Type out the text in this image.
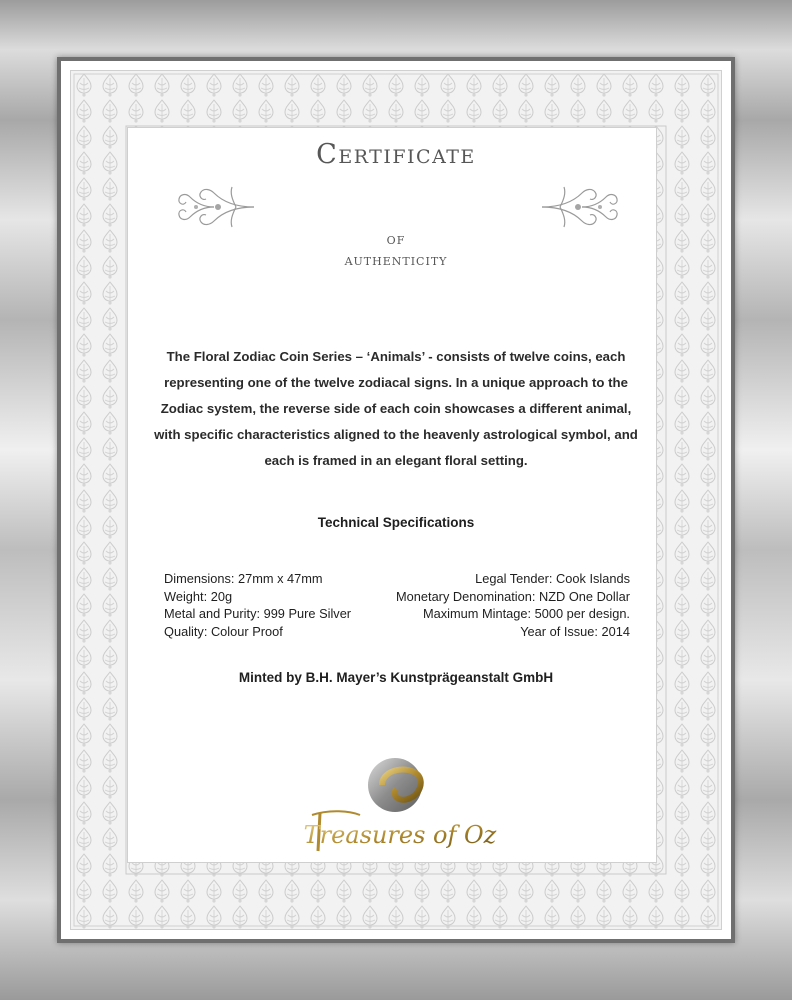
Certificate
of
authenticity
The Floral Zodiac Coin Series – ‘Animals’ - consists of twelve coins, each representing one of the twelve zodiacal signs. In a unique approach to the Zodiac system, the reverse side of each coin showcases a different animal, with specific characteristics aligned to the heavenly astrological symbol, and each is framed in an elegant floral setting.
Technical Specifications
Dimensions: 27mm x 47mm
Weight: 20g
Metal and Purity: 999 Pure Silver
Quality: Colour Proof
Legal Tender: Cook Islands
Monetary Denomination: NZD One Dollar
Maximum Mintage: 5000 per design.
Year of Issue: 2014
Minted by B.H. Mayer’s Kunstprägeanstalt GmbH
Treasures of Oz
